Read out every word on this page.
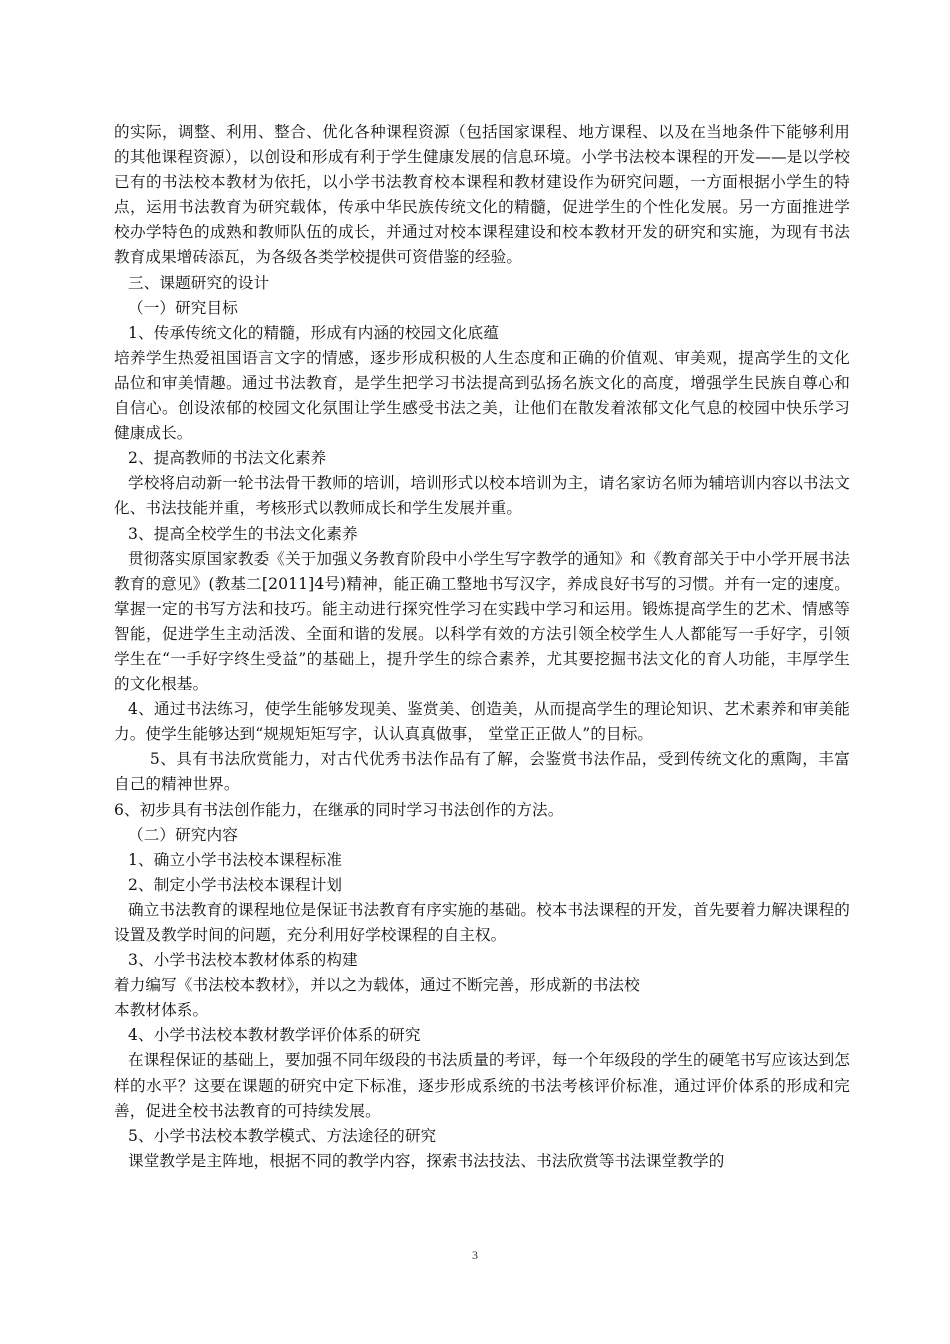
的实际，调整、利用、整合、优化各种课程资源（包括国家课程、地方课程、以及在当地条件下能够利用的其他课程资源），以创设和形成有利于学生健康发展的信息环境。小学书法校本课程的开发——是以学校已有的书法校本教材为依托，以小学书法教育校本课程和教材建设作为研究问题，一方面根据小学生的特点，运用书法教育为研究载体，传承中华民族传统文化的精髓，促进学生的个性化发展。另一方面推进学校办学特色的成熟和教师队伍的成长，并通过对校本课程建设和校本教材开发的研究和实施，为现有书法教育成果增砖添瓦，为各级各类学校提供可资借鉴的经验。

三、课题研究的设计

（一）研究目标

1、传承传统文化的精髓，形成有内涵的校园文化底蕴

培养学生热爱祖国语言文字的情感，逐步形成积极的人生态度和正确的价值观、审美观，提高学生的文化品位和审美情趣。通过书法教育，是学生把学习书法提高到弘扬名族文化的高度，增强学生民族自尊心和自信心。创设浓郁的校园文化氛围让学生感受书法之美，让他们在散发着浓郁文化气息的校园中快乐学习健康成长。

2、提高教师的书法文化素养

学校将启动新一轮书法骨干教师的培训，培训形式以校本培训为主，请名家访名师为辅培训内容以书法文化、书法技能并重，考核形式以教师成长和学生发展并重。

3、提高全校学生的书法文化素养

贯彻落实原国家教委《关于加强义务教育阶段中小学生写字教学的通知》和《教育部关于中小学开展书法教育的意见》(教基二[2011]4号)精神，能正确工整地书写汉字，养成良好书写的习惯。并有一定的速度。掌握一定的书写方法和技巧。能主动进行探究性学习在实践中学习和运用。锻炼提高学生的艺术、情感等智能，促进学生主动活泼、全面和谐的发展。以科学有效的方法引领全校学生人人都能写一手好字，引领学生在“一手好字终生受益”的基础上，提升学生的综合素养，尤其要挖掘书法文化的育人功能，丰厚学生的文化根基。

4、通过书法练习，使学生能够发现美、鉴赏美、创造美，从而提高学生的理论知识、艺术素养和审美能力。使学生能够达到“规规矩矩写字，认认真真做事， 堂堂正正做人”的目标。

5、具有书法欣赏能力，对古代优秀书法作品有了解，会鉴赏书法作品，受到传统文化的熏陶，丰富自己的精神世界。

6、初步具有书法创作能力，在继承的同时学习书法创作的方法。

（二）研究内容

1、确立小学书法校本课程标准

2、制定小学书法校本课程计划

确立书法教育的课程地位是保证书法教育有序实施的基础。校本书法课程的开发，首先要着力解决课程的设置及教学时间的问题，充分利用好学校课程的自主权。

3、小学书法校本教材体系的构建

着力编写《书法校本教材》，并以之为载体，通过不断完善，形成新的书法校

本教材体系。

4、小学书法校本教材教学评价体系的研究

在课程保证的基础上，要加强不同年级段的书法质量的考评，每一个年级段的学生的硬笔书写应该达到怎样的水平？这要在课题的研究中定下标准，逐步形成系统的书法考核评价标准，通过评价体系的形成和完善，促进全校书法教育的可持续发展。

5、小学书法校本教学模式、方法途径的研究

课堂教学是主阵地，根据不同的教学内容，探索书法技法、书法欣赏等书法课堂教学的

3
